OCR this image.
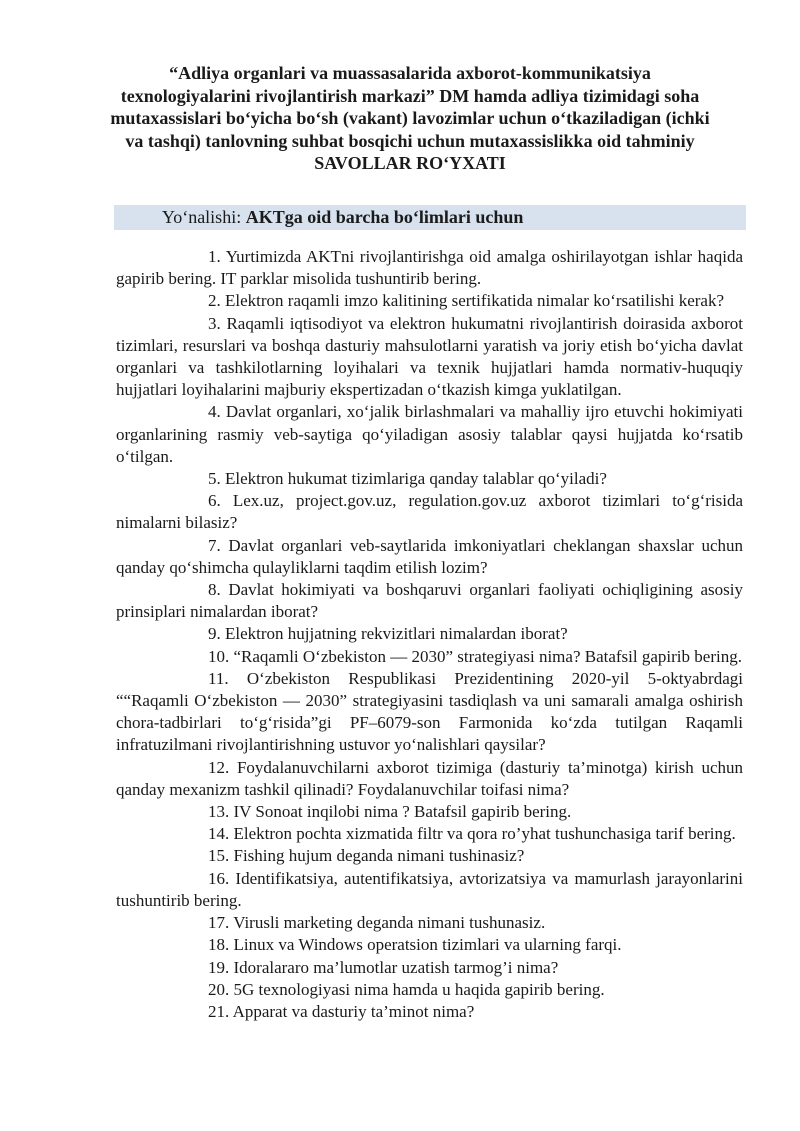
“Adliya organlari va muassasalarida axborot-kommunikatsiya
texnologiyalarini rivojlantirish markazi” DM hamda adliya tizimidagi soha
mutaxassislari bo‘yicha bo‘sh (vakant) lavozimlar uchun o‘tkaziladigan (ichki
va tashqi) tanlovning suhbat bosqichi uchun mutaxassislikka oid tahminiy
SAVOLLAR RO‘YXATI
Yo‘nalishi: AKTga oid barcha bo‘limlari uchun

1. Yurtimizda AKTni rivojlantirishga oid amalga oshirilayotgan ishlar haqida gapirib bering. IT parklar misolida tushuntirib bering.

2. Elektron raqamli imzo kalitining sertifikatida nimalar ko‘rsatilishi kerak?

3. Raqamli iqtisodiyot va elektron hukumatni rivojlantirish doirasida axborot tizimlari, resurslari va boshqa dasturiy mahsulotlarni yaratish va joriy etish bo‘yicha davlat organlari va tashkilotlarning loyihalari va texnik hujjatlari hamda normativ-huquqiy hujjatlari loyihalarini majburiy ekspertizadan o‘tkazish kimga yuklatilgan.

4. Davlat organlari, xo‘jalik birlashmalari va mahalliy ijro etuvchi hokimiyati organlarining rasmiy veb-saytiga qo‘yiladigan asosiy talablar qaysi hujjatda ko‘rsatib o‘tilgan.

5. Elektron hukumat tizimlariga qanday talablar qo‘yiladi?

6. Lex.uz, project.gov.uz, regulation.gov.uz axborot tizimlari to‘g‘risida nimalarni bilasiz?

7. Davlat organlari veb-saytlarida imkoniyatlari cheklangan shaxslar uchun qanday qo‘shimcha qulayliklarni taqdim etilish lozim?

8. Davlat hokimiyati va boshqaruvi organlari faoliyati ochiqligining asosiy prinsiplari nimalardan iborat?

9. Elektron hujjatning rekvizitlari nimalardan iborat?

10. “Raqamli O‘zbekiston — 2030” strategiyasi nima? Batafsil gapirib bering.

11. O‘zbekiston Respublikasi Prezidentining 2020-yil 5-oktyabrdagi ““Raqamli O‘zbekiston — 2030” strategiyasini tasdiqlash va uni samarali amalga oshirish chora-tadbirlari to‘g‘risida”gi PF–6079-son Farmonida ko‘zda tutilgan Raqamli infratuzilmani rivojlantirishning ustuvor yo‘nalishlari qaysilar?

12. Foydalanuvchilarni axborot tizimiga (dasturiy ta’minotga) kirish uchun qanday mexanizm tashkil qilinadi? Foydalanuvchilar toifasi nima?

13. IV Sonoat inqilobi nima ? Batafsil gapirib bering.

14. Elektron pochta xizmatida filtr va qora ro’yhat tushunchasiga tarif bering.

15. Fishing hujum deganda nimani tushinasiz?

16. Identifikatsiya, autentifikatsiya, avtorizatsiya va mamurlash jarayonlarini tushuntirib bering.

17. Virusli marketing deganda nimani tushunasiz.

18. Linux va Windows operatsion tizimlari va ularning farqi.

19. Idoralararo ma’lumotlar uzatish tarmog’i nima?

20. 5G texnologiyasi nima hamda u haqida gapirib bering.

21. Apparat va dasturiy ta’minot nima?
